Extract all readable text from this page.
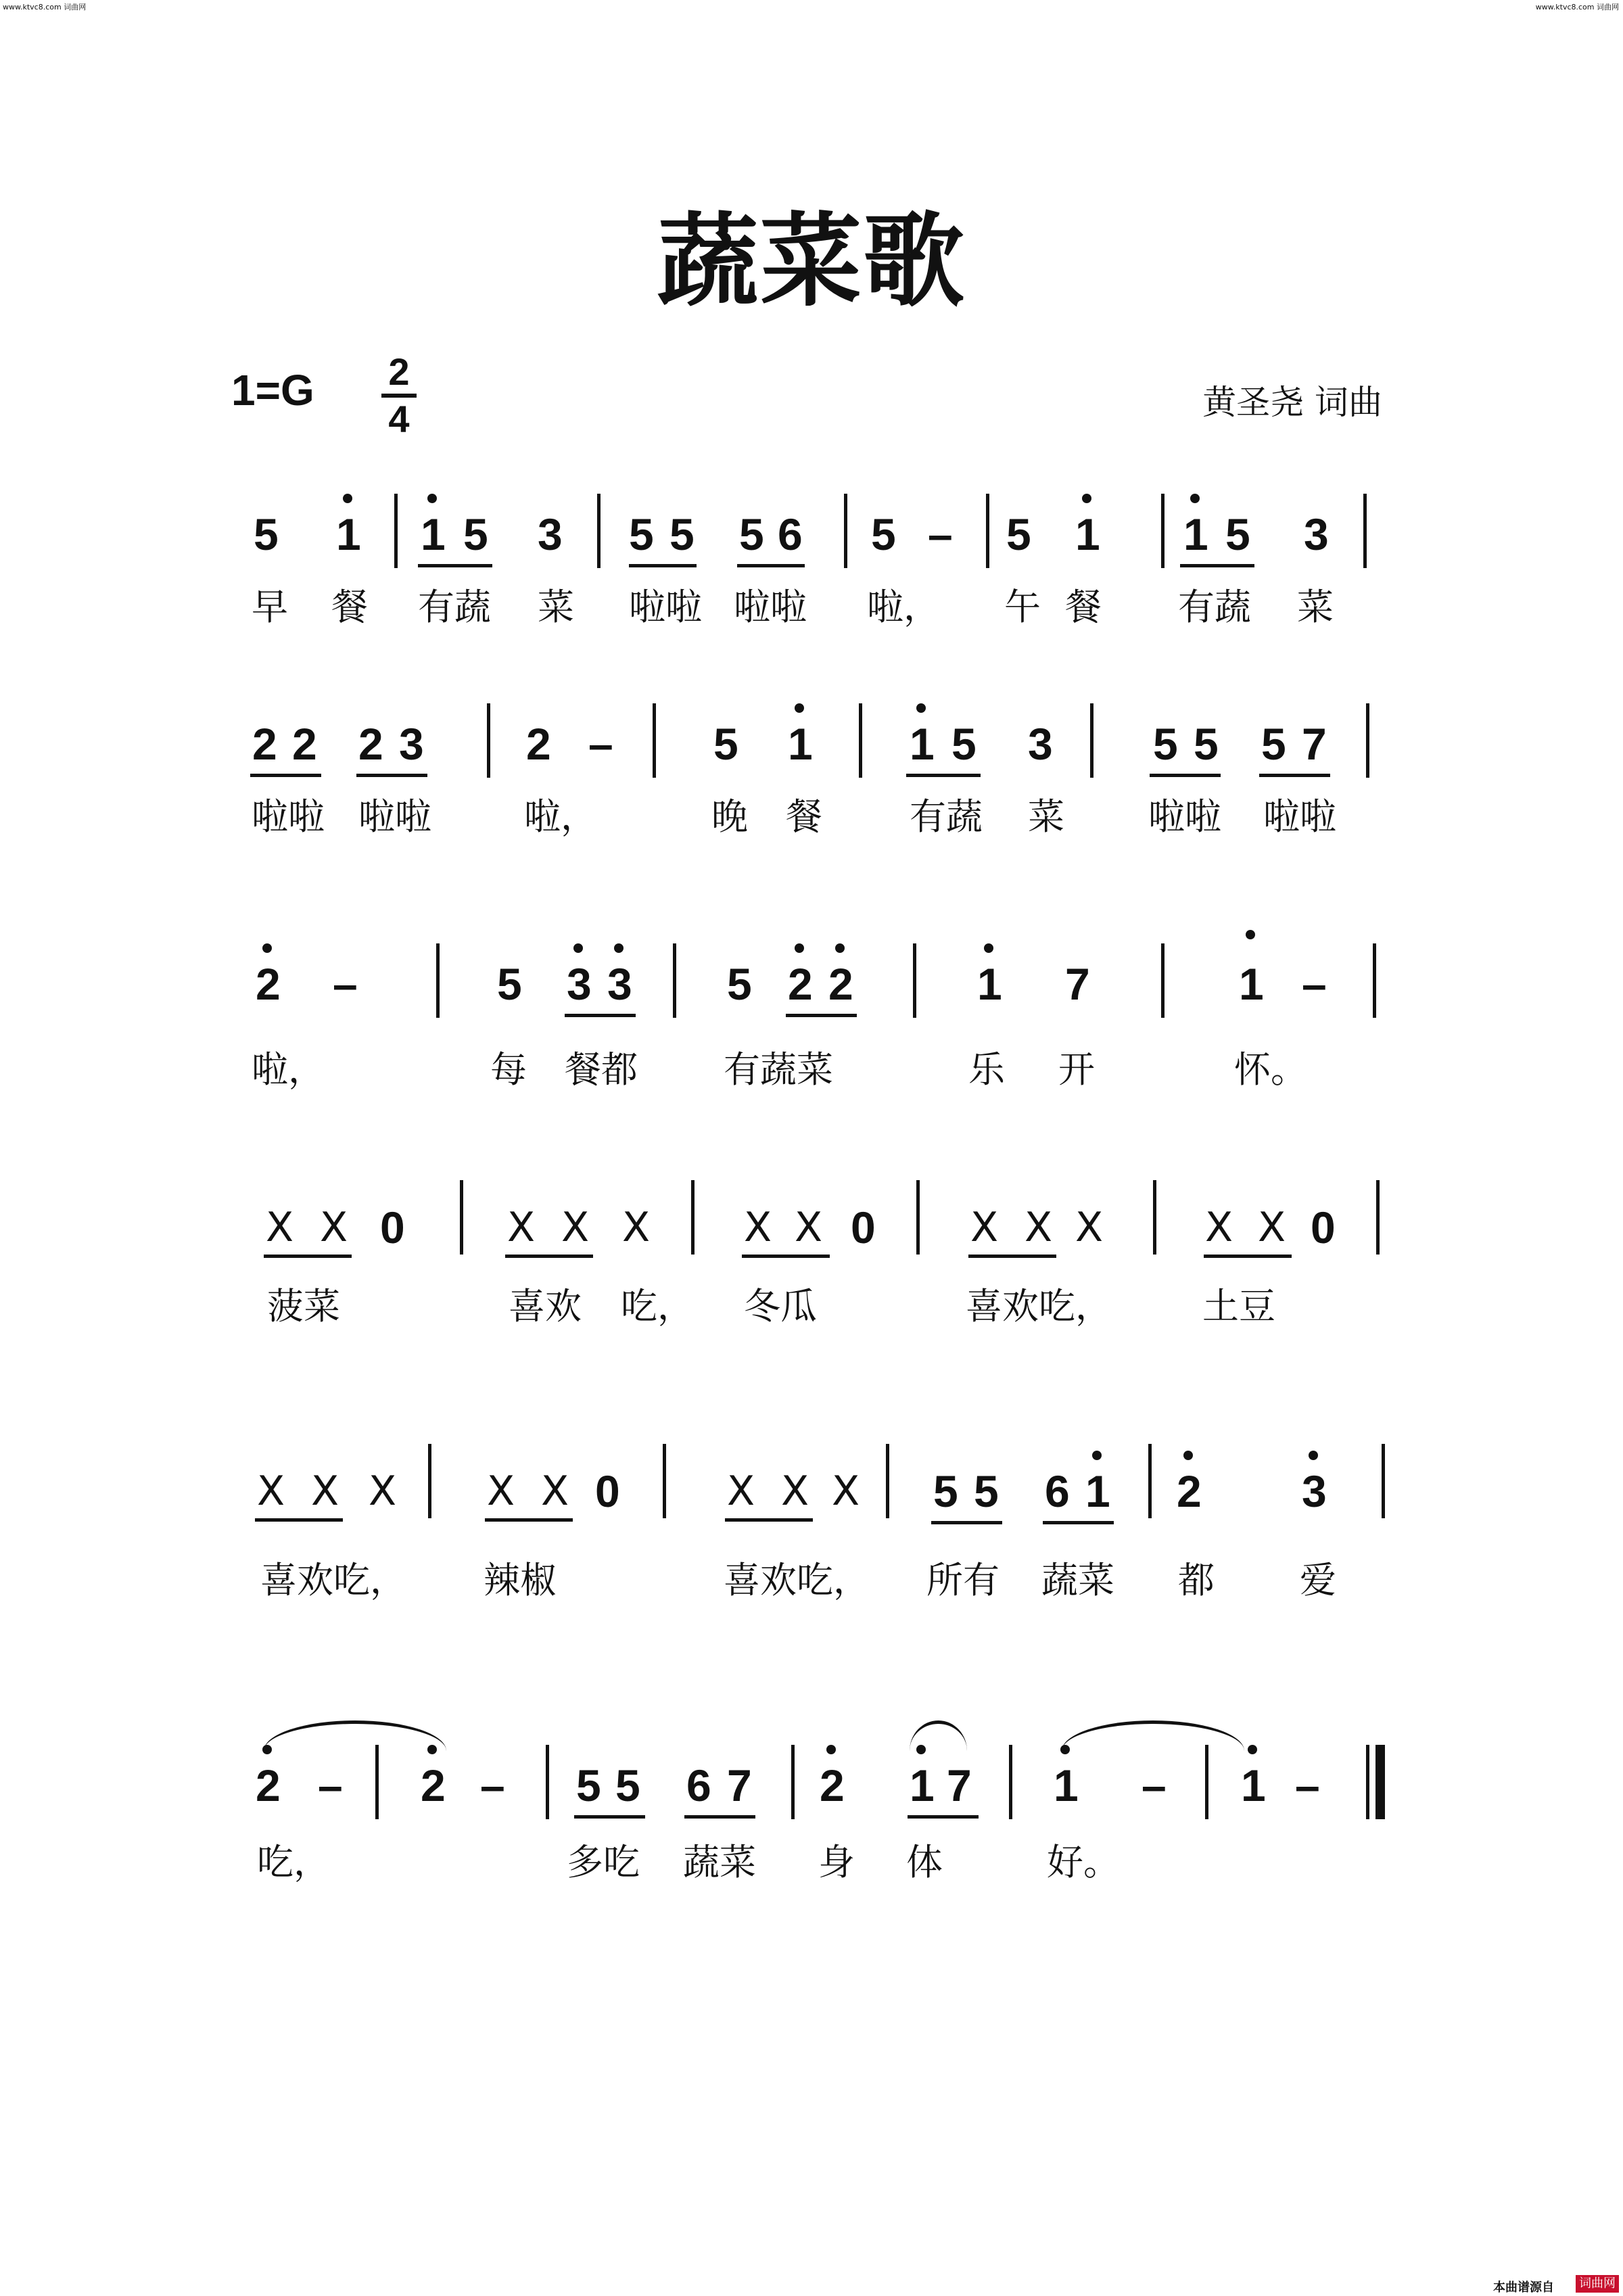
www.ktvc8.com 词曲网	www.ktvc8.com 词曲网
蔬菜歌
1=G 2
4	黄圣尧 词曲
5 1 1 5 3 5 5 5 6 5 – 5 1 1 5 3
早 餐 有蔬 菜 啦啦 啦啦 啦， 午 餐 有蔬 菜
2 2 2 3 2 – 5 1 1 5 3 5 5 5 7
啦啦 啦啦	啦，	晚 餐 有蔬 菜 啦啦 啦啦
2 –	5 3 3 5 2 2	1 7	1 –
啦，	每 餐都 有蔬菜	乐 开	怀。
X X 0	X X X X X 0 X X X	X X 0
菠菜	喜欢 吃， 冬瓜	喜欢吃， 土豆
X X X X X 0	X X X 5 5 6 1 2 3
喜欢吃， 辣椒	喜欢吃， 所有 蔬菜 都 爱
2 – 2 – 5 5 6 7 2 1 7 1 – 1 –
吃，	多吃 蔬菜 身 体	好。
本曲谱源自 词曲网
